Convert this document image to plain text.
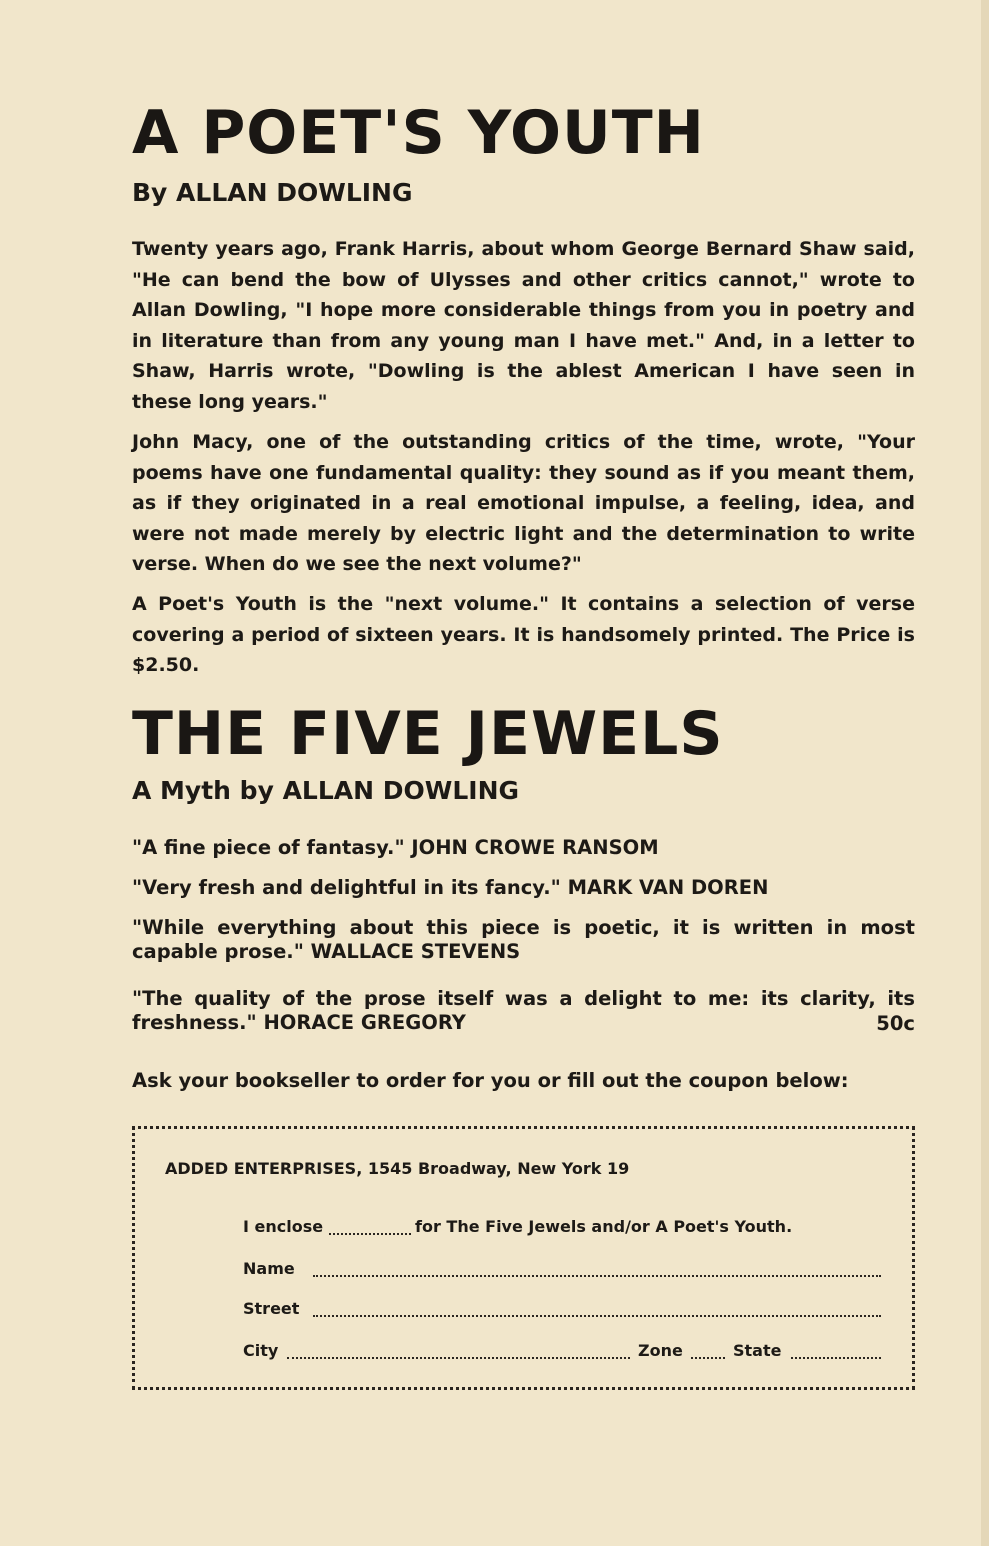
A POET'S YOUTH
By ALLAN DOWLING
Twenty years ago, Frank Harris, about whom George Bernard Shaw said, "He can bend the bow of Ulysses and other critics cannot," wrote to Allan Dowling, "I hope more considerable things from you in poetry and in literature than from any young man I have met." And, in a letter to Shaw, Harris wrote, "Dowling is the ablest American I have seen in these long years."
John Macy, one of the outstanding critics of the time, wrote, "Your poems have one fundamental quality: they sound as if you meant them, as if they originated in a real emotional impulse, a feeling, idea, and were not made merely by electric light and the determination to write verse. When do we see the next volume?"
A Poet's Youth is the "next volume." It contains a selection of verse covering a period of sixteen years. It is handsomely printed. The Price is $2.50.
THE FIVE JEWELS
A Myth by ALLAN DOWLING
"A fine piece of fantasy." JOHN CROWE RANSOM
"Very fresh and delightful in its fancy." MARK VAN DOREN
"While everything about this piece is poetic, it is written in most capable prose." WALLACE STEVENS
"The quality of the prose itself was a delight to me: its clarity, its freshness." HORACE GREGORY	50c
Ask your bookseller to order for you or fill out the coupon below:
ADDED ENTERPRISES, 1545 Broadway, New York 19
I enclose	for The Five Jewels and/or A Poet's Youth.
Name
Street
City	Zone	State
